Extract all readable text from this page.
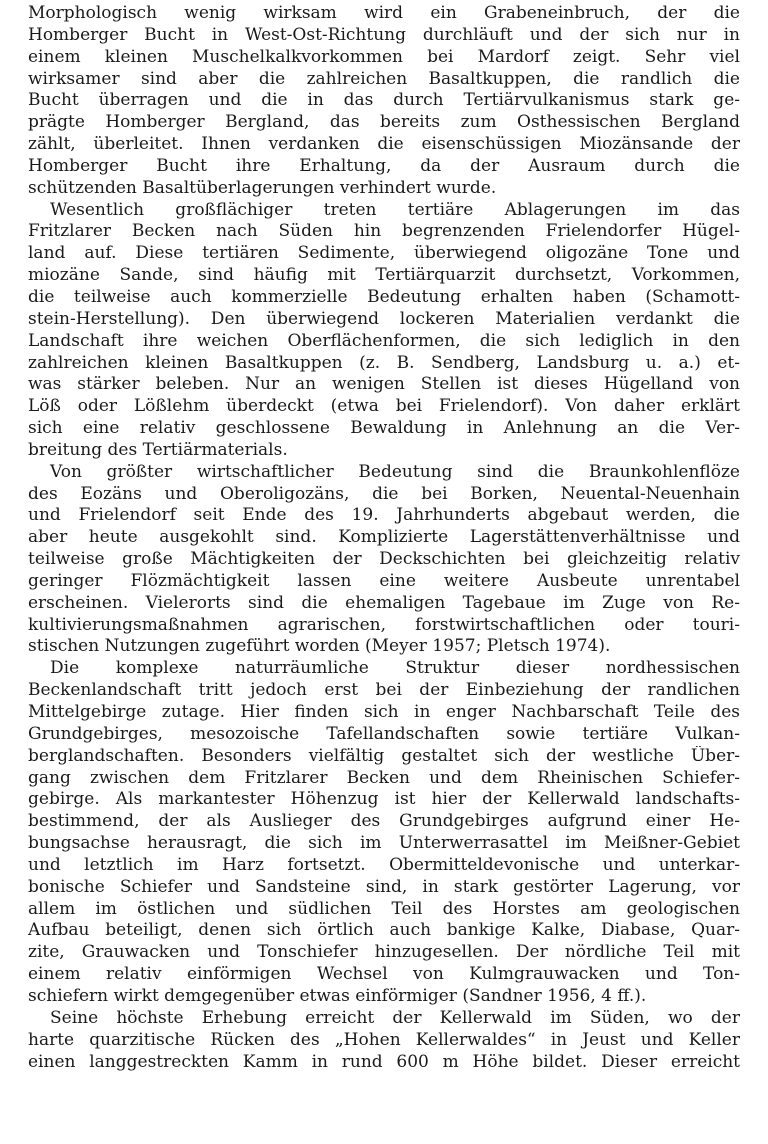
Morphologisch wenig wirksam wird ein Grabeneinbruch, der die
Homberger Bucht in West-Ost-Richtung durchläuft und der sich nur in
einem kleinen Muschelkalkvorkommen bei Mardorf zeigt. Sehr viel
wirksamer sind aber die zahlreichen Basaltkuppen, die randlich die
Bucht überragen und die in das durch Tertiärvulkanismus stark ge-
prägte Homberger Bergland, das bereits zum Osthessischen Bergland
zählt, überleitet. Ihnen verdanken die eisenschüssigen Miozänsande der
Homberger Bucht ihre Erhaltung, da der Ausraum durch die
schützenden Basaltüberlagerungen verhindert wurde.
Wesentlich großflächiger treten tertiäre Ablagerungen im das
Fritzlarer Becken nach Süden hin begrenzenden Frielendorfer Hügel-
land auf. Diese tertiären Sedimente, überwiegend oligozäne Tone und
miozäne Sande, sind häufig mit Tertiärquarzit durchsetzt, Vorkommen,
die teilweise auch kommerzielle Bedeutung erhalten haben (Schamott-
stein-Herstellung). Den überwiegend lockeren Materialien verdankt die
Landschaft ihre weichen Oberflächenformen, die sich lediglich in den
zahlreichen kleinen Basaltkuppen (z. B. Sendberg, Landsburg u. a.) et-
was stärker beleben. Nur an wenigen Stellen ist dieses Hügelland von
Löß oder Lößlehm überdeckt (etwa bei Frielendorf). Von daher erklärt
sich eine relativ geschlossene Bewaldung in Anlehnung an die Ver-
breitung des Tertiärmaterials.
Von größter wirtschaftlicher Bedeutung sind die Braunkohlenflöze
des Eozäns und Oberoligozäns, die bei Borken, Neuental-Neuenhain
und Frielendorf seit Ende des 19. Jahrhunderts abgebaut werden, die
aber heute ausgekohlt sind. Komplizierte Lagerstättenverhältnisse und
teilweise große Mächtigkeiten der Deckschichten bei gleichzeitig relativ
geringer Flözmächtigkeit lassen eine weitere Ausbeute unrentabel
erscheinen. Vielerorts sind die ehemaligen Tagebaue im Zuge von Re-
kultivierungsmaßnahmen agrarischen, forstwirtschaftlichen oder touri-
stischen Nutzungen zugeführt worden (Meyer 1957; Pletsch 1974).
Die komplexe naturräumliche Struktur dieser nordhessischen
Beckenlandschaft tritt jedoch erst bei der Einbeziehung der randlichen
Mittelgebirge zutage. Hier finden sich in enger Nachbarschaft Teile des
Grundgebirges, mesozoische Tafellandschaften sowie tertiäre Vulkan-
berglandschaften. Besonders vielfältig gestaltet sich der westliche Über-
gang zwischen dem Fritzlarer Becken und dem Rheinischen Schiefer-
gebirge. Als markantester Höhenzug ist hier der Kellerwald landschafts-
bestimmend, der als Auslieger des Grundgebirges aufgrund einer He-
bungsachse herausragt, die sich im Unterwerrasattel im Meißner-Gebiet
und letztlich im Harz fortsetzt. Obermitteldevonische und unterkar-
bonische Schiefer und Sandsteine sind, in stark gestörter Lagerung, vor
allem im östlichen und südlichen Teil des Horstes am geologischen
Aufbau beteiligt, denen sich örtlich auch bankige Kalke, Diabase, Quar-
zite, Grauwacken und Tonschiefer hinzugesellen. Der nördliche Teil mit
einem relativ einförmigen Wechsel von Kulmgrauwacken und Ton-
schiefern wirkt demgegenüber etwas einförmiger (Sandner 1956, 4 ff.).
Seine höchste Erhebung erreicht der Kellerwald im Süden, wo der
harte quarzitische Rücken des „Hohen Kellerwaldes“ in Jeust und Keller
einen langgestreckten Kamm in rund 600 m Höhe bildet. Dieser erreicht
